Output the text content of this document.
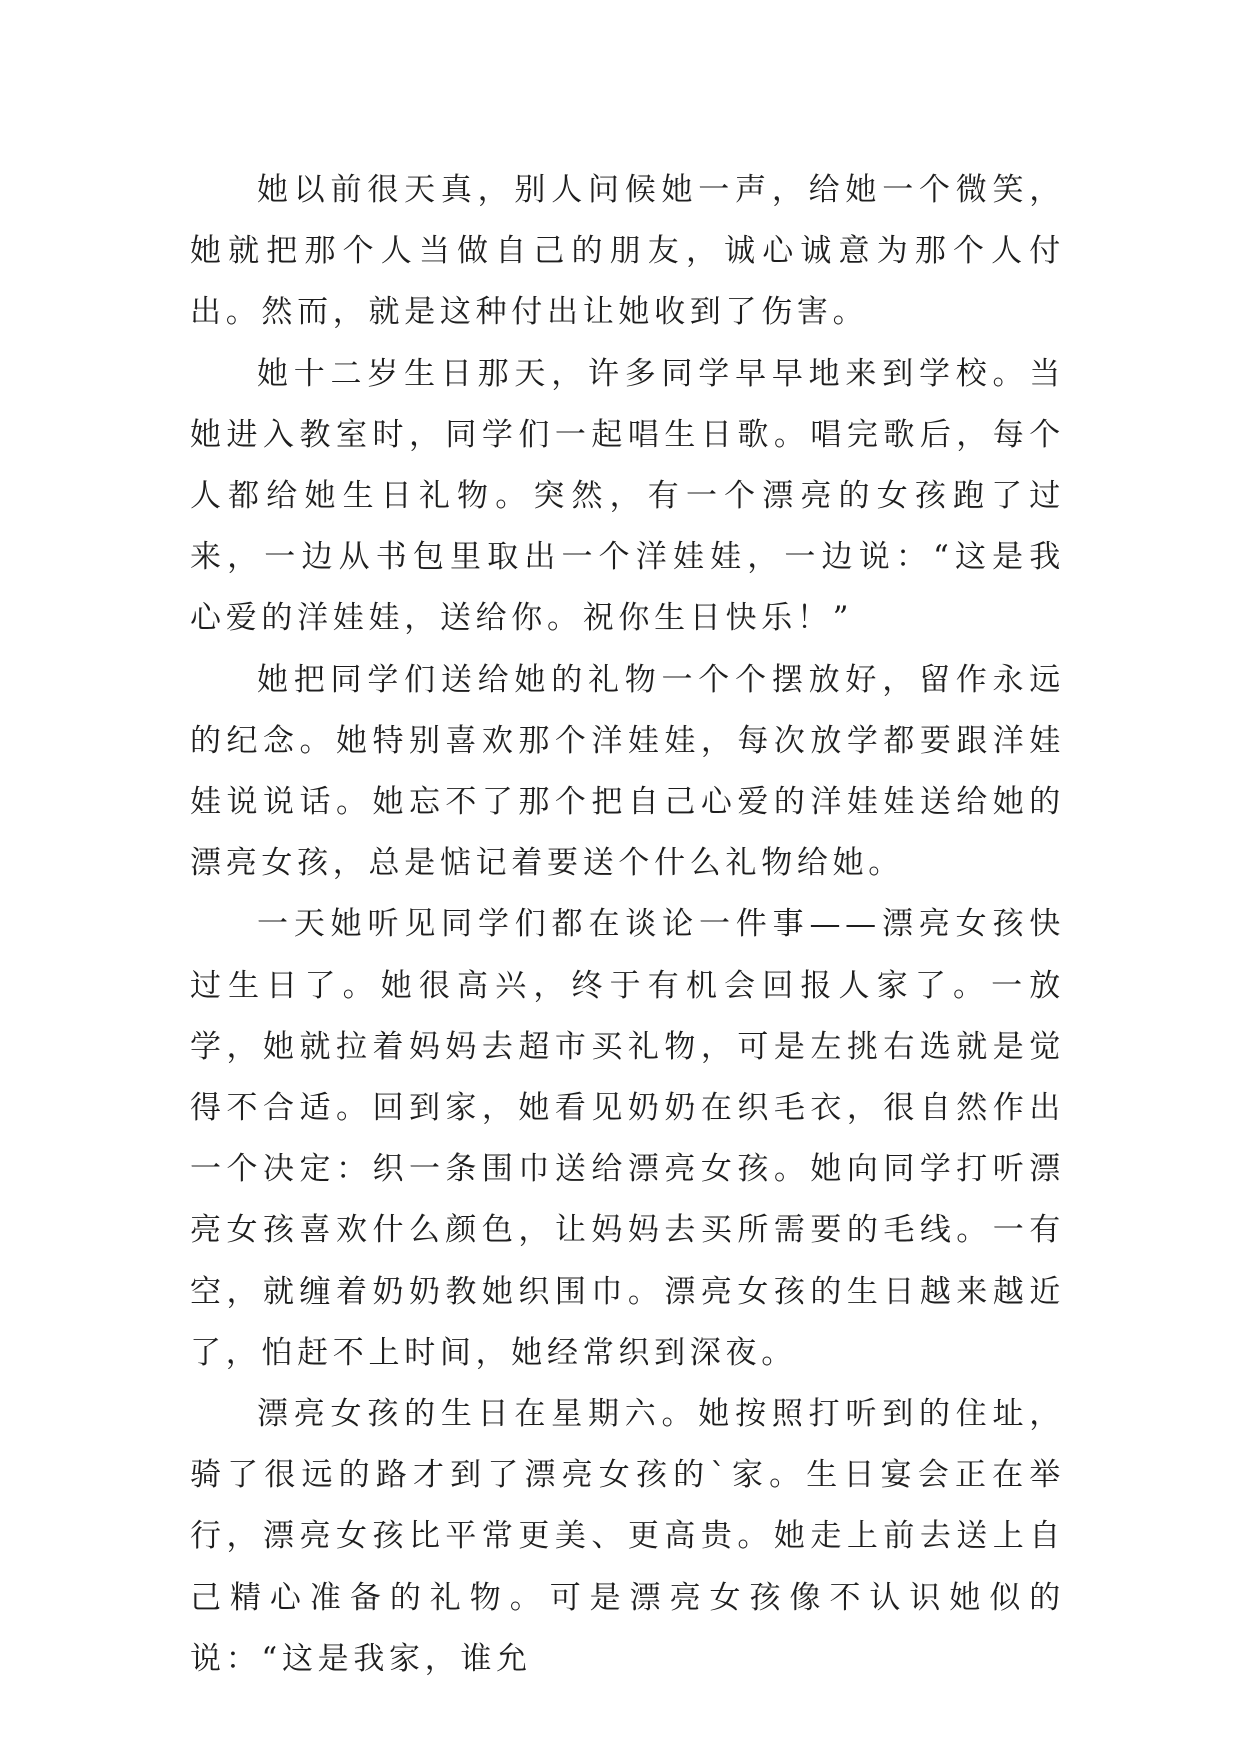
她以前很天真，别人问候她一声，给她一个微笑，她就把那个人当做自己的朋友，诚心诚意为那个人付出。然而，就是这种付出让她收到了伤害。

她十二岁生日那天，许多同学早早地来到学校。当她进入教室时，同学们一起唱生日歌。唱完歌后，每个人都给她生日礼物。突然，有一个漂亮的女孩跑了过来，一边从书包里取出一个洋娃娃，一边说：“这是我心爱的洋娃娃，送给你。祝你生日快乐！”

她把同学们送给她的礼物一个个摆放好，留作永远的纪念。她特别喜欢那个洋娃娃，每次放学都要跟洋娃娃说说话。她忘不了那个把自己心爱的洋娃娃送给她的漂亮女孩，总是惦记着要送个什么礼物给她。

一天她听见同学们都在谈论一件事——漂亮女孩快过生日了。她很高兴，终于有机会回报人家了。一放学，她就拉着妈妈去超市买礼物，可是左挑右选就是觉得不合适。回到家，她看见奶奶在织毛衣，很自然作出一个决定：织一条围巾送给漂亮女孩。她向同学打听漂亮女孩喜欢什么颜色，让妈妈去买所需要的毛线。一有空，就缠着奶奶教她织围巾。漂亮女孩的生日越来越近了，怕赶不上时间，她经常织到深夜。

漂亮女孩的生日在星期六。她按照打听到的住址，骑了很远的路才到了漂亮女孩的`家。生日宴会正在举行，漂亮女孩比平常更美、更高贵。她走上前去送上自己精心准备的礼物。可是漂亮女孩像不认识她似的说：“这是我家，谁允
